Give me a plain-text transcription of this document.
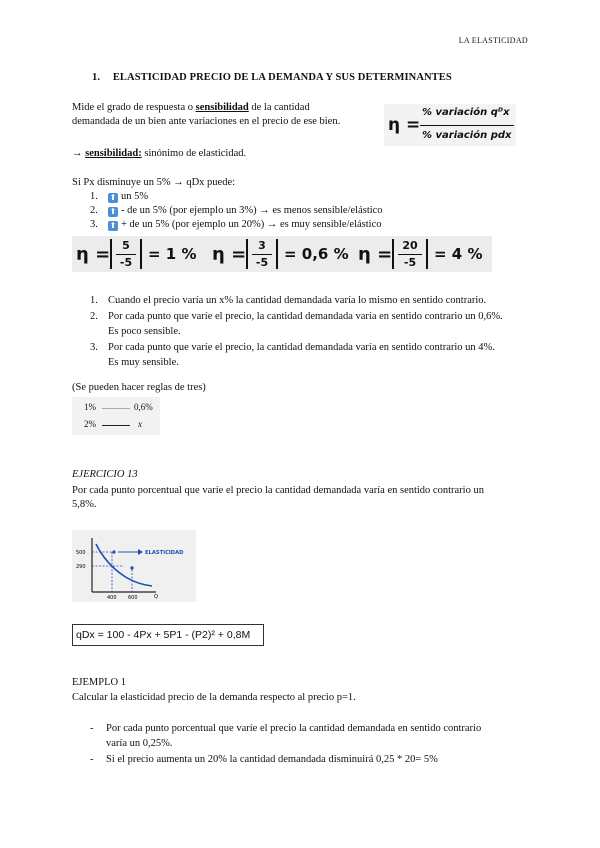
LA ELASTICIDAD
1. ELASTICIDAD PRECIO DE LA DEMANDA Y SUS DETERMINANTES
Mide el grado de respuesta o sensibilidad de la cantidad
demandada de un bien ante variaciones en el precio de ese bien.	η =
% variación qᴰx
% variación pdx
→ sensibilidad: sinónimo de elasticidad.
Si Px disminuye un 5% → qDx puede:
1. ⬆ un 5%
2. ⬆ - de un 5% (por ejemplo un 3%) → es menos sensible/elástico
3. ⬆ + de un 5% (por ejemplo un 20%) → es muy sensible/elástico
η =	5
-5 = 1 % η =	3
-5 = 0,6 % η = 20
-5	= 4 %
1. Cuando el precio varía un x% la cantidad demandada varía lo mismo en sentido contrario.
2. Por cada punto que varíe el precio, la cantidad demandada varía en sentido contrario un 0,6%.
Es poco sensible.
3. Por cada punto que varíe el precio, la cantidad demandada varía en sentido contrario un 4%.
Es muy sensible.
(Se pueden hacer reglas de tres)
1%	0,6%
2%	x
EJERCICIO 13
Por cada punto porcentual que varíe el precio la cantidad demandada varía en sentido contrario un
5,8%.
500
290
400 600	Q
ELASTICIDAD
qDx = 100 - 4Px + 5P1 - (P2)² + 0,8M
EJEMPLO 1
Calcular la elasticidad precio de la demanda respecto al precio p=1.
- Por cada punto porcentual que varíe el precio la cantidad demandada en sentido contrario
varía un 0,25%.
- Si el precio aumenta un 20% la cantidad demandada disminuirá 0,25 * 20= 5%
